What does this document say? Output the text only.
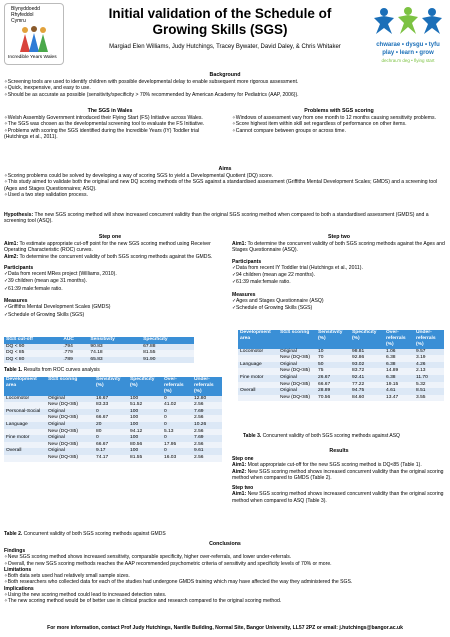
Blynyddoedd
Rhyfeddol
Cymru
Incredible Years Wales
Initial validation of the Schedule of Growing Skills (SGS)
Margiad Elen Williams, Judy Hutchings, Tracey Bywater, David Daley, & Chris Whitaker	chwarae • dysgu • tyfu
play • learn • grow
dechrau'n deg • flying start
Background

✧ Screening tools are used to identify children with possible developmental delay to enable subsequent more rigorous assessment.

✧ Quick, inexpensive, and easy to use.

✧ Should be as accurate as possible (sensitivity/specificity > 70% recommended by American Academy for Pediatrics (AAP, 2006)).

The SGS in Wales

✧ Welsh Assembly Government introduced their Flying Start (FS) Initiative across Wales.

✧ The SGS was chosen as the developmental screening tool to evaluate the FS Initiative.

✧ Problems with scoring the SGS identified during the Incredible Years (IY) Toddler trial (Hutchings et al., 2011).

Problems with SGS scoring

✧ Windows of assessment vary from one month to 12 months causing sensitivity problems.

✧ Score highest item within skill set regardless of performance on other items.

✧ Cannot compare between groups or across time.

Aims

✧ Scoring problems could be solved by developing a way of scoring SGS to yield a Developmental Quotient (DQ) score.

✧ This study aimed to validate both the original and new DQ scoring methods of the SGS against a standardised assessment (Griffiths Mental Development Scales; GMDS) and a screening tool (Ages and Stages Questionnaires; ASQ).

✧ Used a two step validation process.

Hypothesis: The new SGS scoring method will show increased concurrent validity than the original SGS scoring method when compared to both a standardised assessment (GMDS) and a screening tool (ASQ).
Step one

Aim1: To estimate appropriate cut-off point for the new SGS scoring method using Receiver Operating Characteristic (ROC) curves.

Aim2: To determine the concurrent validity of both SGS scoring methods against the GMDS.

Participants

✓ Data from recent MRes project (Williams, 2010).

✓ 39 children (mean age 31 months).

✓ 61:39 male:female ratio.

Measures

✓ Griffiths Mental Development Scales (GMDS)

✓ Schedule of Growing Skills (SGS)

SGS cut-off	AUC	Sensitivity	Specificity
DQ < 90	.794	90.83	67.88
DQ < 85	.779	74.18	81.55
DQ < 80	.789	65.83	91.90
Table 1. Results from ROC curves analysis
Development area	SGS scoring	Sensitivity (%)	Specificity (%)	Over-referrals (%)	Under-referrals (%)
Locomotor	Original	16.67	100	0	12.80
	New (DQ<85)	83.33	51.52	41.02	2.56
Personal-Social	Original	0	100	0	7.69
	New (DQ<85)	66.67	100	0	2.56
Language	Original	20	100	0	10.26
	New (DQ<85)	80	94.12	5.13	2.56
Fine motor	Original	0	100	0	7.69
	New (DQ<85)	66.67	80.56	17.95	2.56
Overall	Original	9.17	100	0	9.61
	New (DQ<85)	74.17	81.55	16.03	2.56
Table 2. Concurrent validity of both SGS scoring methods against GMDS
Step two

Aim1: To determine the concurrent validity of both SGS scoring methods against the Ages and Stages Questionnaire (ASQ).

Participants

✓ Data from recent IY Toddler trial (Hutchings et al., 2011).

✓ 94 children (mean age 22 months).

✓ 61:39 male:female ratio.

Measures

✓ Ages and Stages Questionnaire (ASQ)

✓ Schedule of Growing Skills (SGS)

Development area	SGS scoring	Sensitivity (%)	Specificity (%)	Over-referrals (%)	Under-referrals (%)
Locomotor	Original	10	98.81	1.06	9.57
	New (DQ<85)	70	92.86	6.38	3.19
Language	Original	50	93.02	6.38	4.26
	New (DQ<85)	75	83.72	14.89	2.13
Fine motor	Original	26.67	92.41	6.38	11.70
	New (DQ<85)	66.67	77.22	19.15	5.32
Overall	Original	28.89	94.75	4.61	8.51
	New (DQ<85)	70.56	84.60	13.47	3.55
Table 3. Concurrent validity of both SGS scoring methods against ASQ
Results

Step one

Aim1: Most appropriate cut-off for the new SGS scoring method is DQ<85 (Table 1).

Aim2: New SGS scoring method shows increased concurrent validity than the original scoring method when compared to GMDS (Table 2).

Step two

Aim1: New SGS scoring method shows increased concurrent validity than the original scoring method when compared to ASQ (Table 3).

Conclusions

Findings

✧ New SGS scoring method shows increased sensitivity, comparable specificity, higher over-referrals, and lower under-referrals.

✧ Overall, the new SGS scoring methods reaches the AAP recommended psychometric criteria of sensitivity and specificity levels of 70% or more.

Limitations

✧ Both data sets used had relatively small sample sizes.

✧ Both researchers who collected data for each of the studies had undergone GMDS training which may have affected the way they administered the SGS.

Implications

✧ Using the new scoring method could lead to increased detection rates.

✧ The new scoring method would be of better use in clinical practice and research compared to the original scoring method.

For more information, contact Prof Judy Hutchings, Nantlle Building, Normal Site, Bangor University, LL57 2PZ or email: j.hutchings@bangor.ac.uk
